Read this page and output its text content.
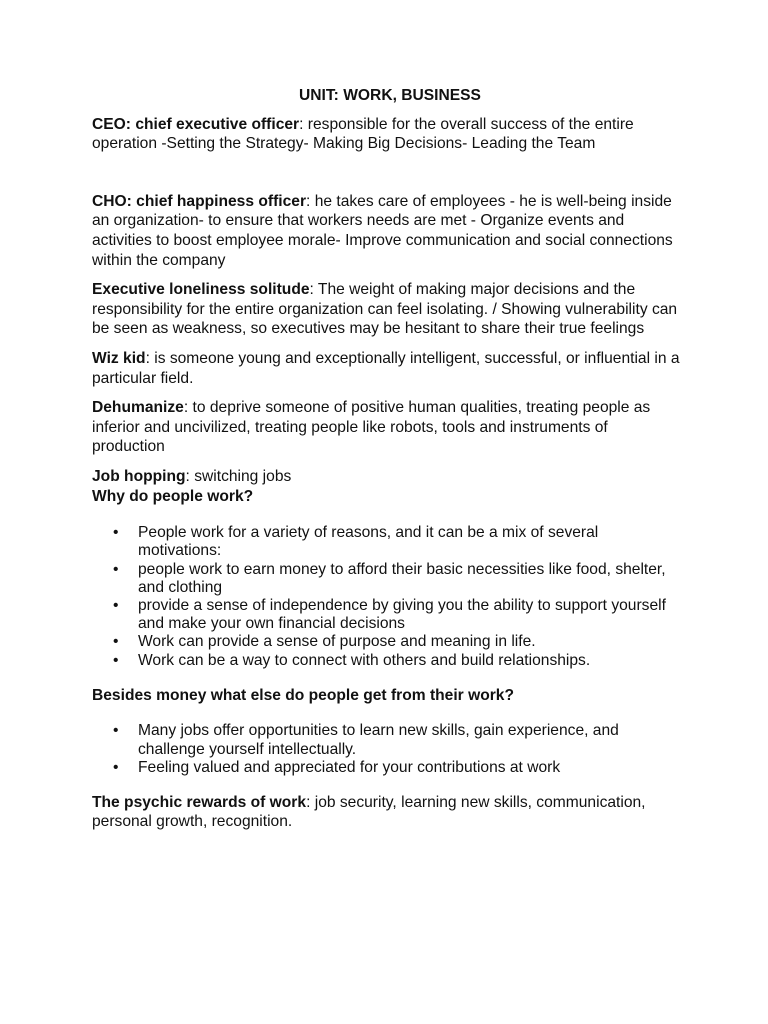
UNIT: WORK, BUSINESS

CEO: chief executive officer: responsible for the overall success of the entire operation -Setting the Strategy- Making Big Decisions- Leading the Team

CHO: chief happiness officer: he takes care of employees - he is well-being inside an organization- to ensure that workers needs are met - Organize events and activities to boost employee morale- Improve communication and social connections within the company

Executive loneliness solitude: The weight of making major decisions and the responsibility for the entire organization can feel isolating. / Showing vulnerability can be seen as weakness, so executives may be hesitant to share their true feelings

Wiz kid: is someone young and exceptionally intelligent, successful, or influential in a particular field.

Dehumanize: to deprive someone of positive human qualities, treating people as inferior and uncivilized, treating people like robots, tools and instruments of production

Job hopping: switching jobs

Why do people work?

• People work for a variety of reasons, and it can be a mix of several motivations:
• people work to earn money to afford their basic necessities like food, shelter, and clothing
• provide a sense of independence by giving you the ability to support yourself and make your own financial decisions
• Work can provide a sense of purpose and meaning in life.
• Work can be a way to connect with others and build relationships.

Besides money what else do people get from their work?

• Many jobs offer opportunities to learn new skills, gain experience, and challenge yourself intellectually.
• Feeling valued and appreciated for your contributions at work

The psychic rewards of work: job security, learning new skills, communication, personal growth, recognition.
